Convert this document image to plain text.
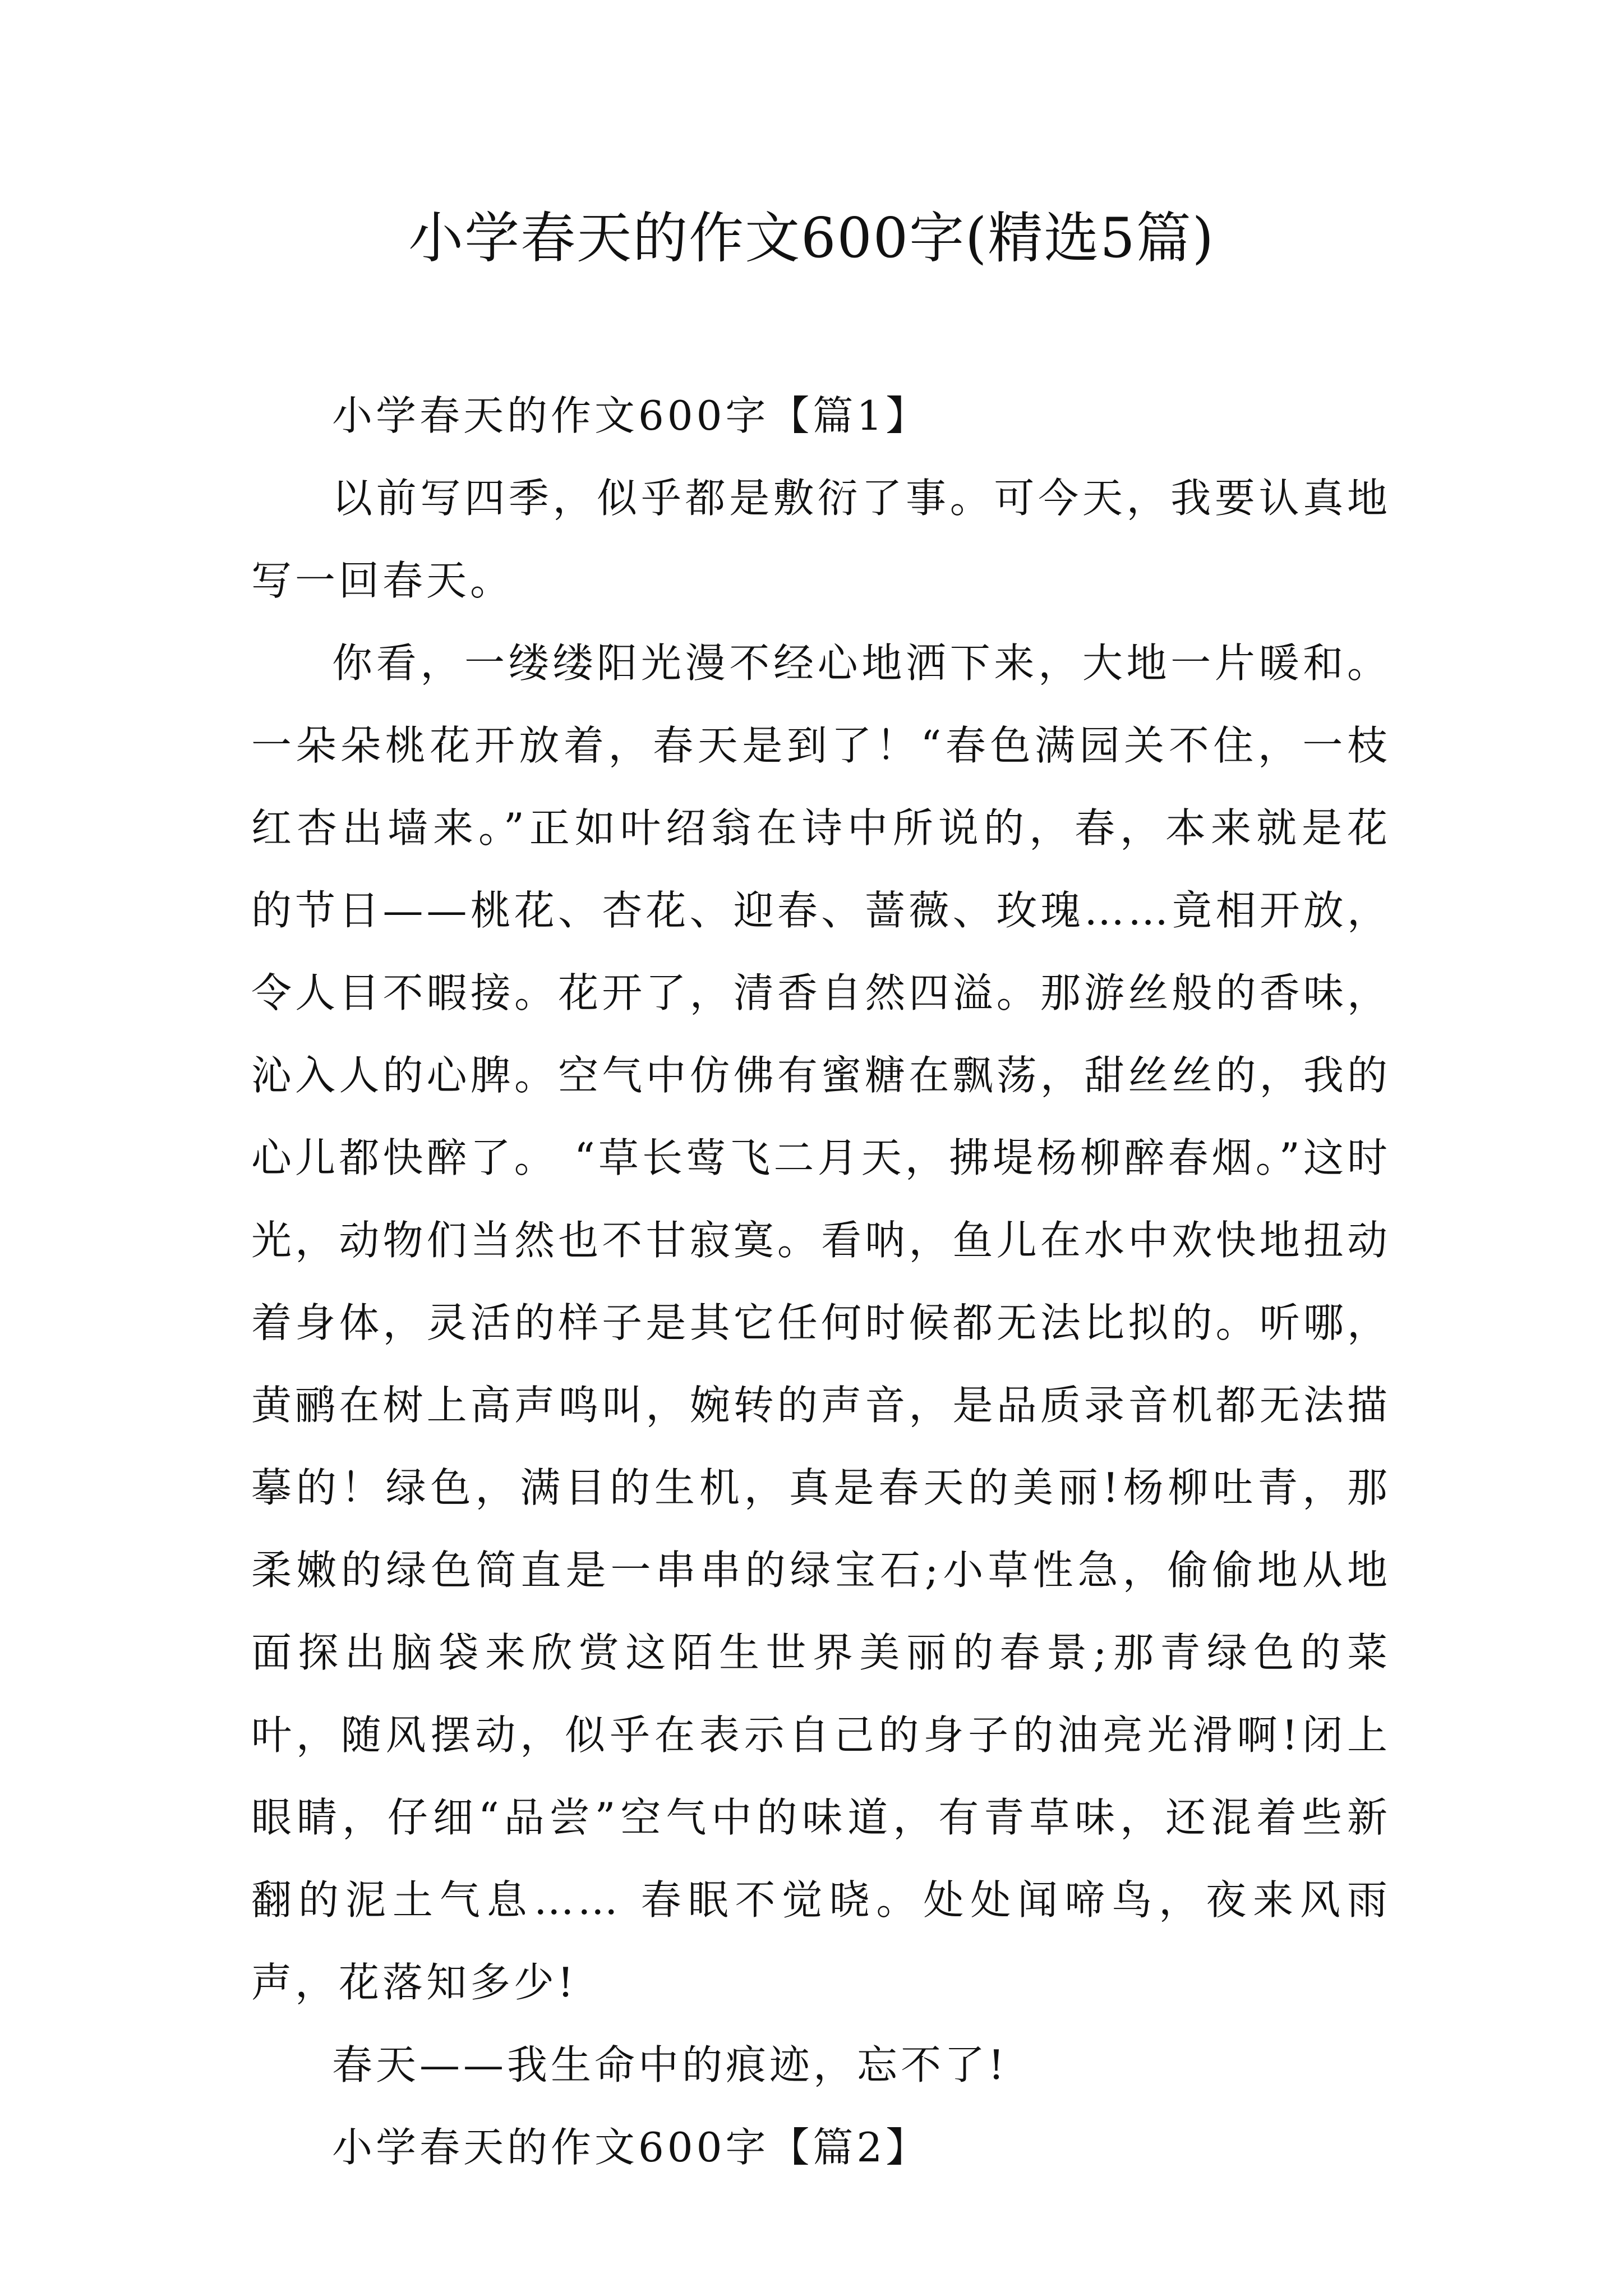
小学春天的作文600字(精选5篇)

小学春天的作文600字【篇1】

以前写四季，似乎都是敷衍了事。可今天，我要认真地写一回春天。

你看，一缕缕阳光漫不经心地洒下来，大地一片暖和。一朵朵桃花开放着，春天是到了！“春色满园关不住，一枝红杏出墙来。”正如叶绍翁在诗中所说的，春，本来就是花的节日——桃花、杏花、迎春、蔷薇、玫瑰……竟相开放，令人目不暇接。花开了，清香自然四溢。那游丝般的香味，沁入人的心脾。空气中仿佛有蜜糖在飘荡，甜丝丝的，我的心儿都快醉了。 “草长莺飞二月天，拂堤杨柳醉春烟。”这时光，动物们当然也不甘寂寞。看呐，鱼儿在水中欢快地扭动着身体，灵活的样子是其它任何时候都无法比拟的。听哪，黄鹂在树上高声鸣叫，婉转的声音，是品质录音机都无法描摹的！绿色，满目的生机，真是春天的美丽!杨柳吐青，那柔嫩的绿色简直是一串串的绿宝石;小草性急，偷偷地从地面探出脑袋来欣赏这陌生世界美丽的春景;那青绿色的菜叶，随风摆动，似乎在表示自己的身子的油亮光滑啊!闭上眼睛，仔细“品尝”空气中的味道，有青草味，还混着些新翻的泥土气息…… 春眠不觉晓。处处闻啼鸟，夜来风雨声，花落知多少!

春天——我生命中的痕迹，忘不了!

小学春天的作文600字【篇2】
